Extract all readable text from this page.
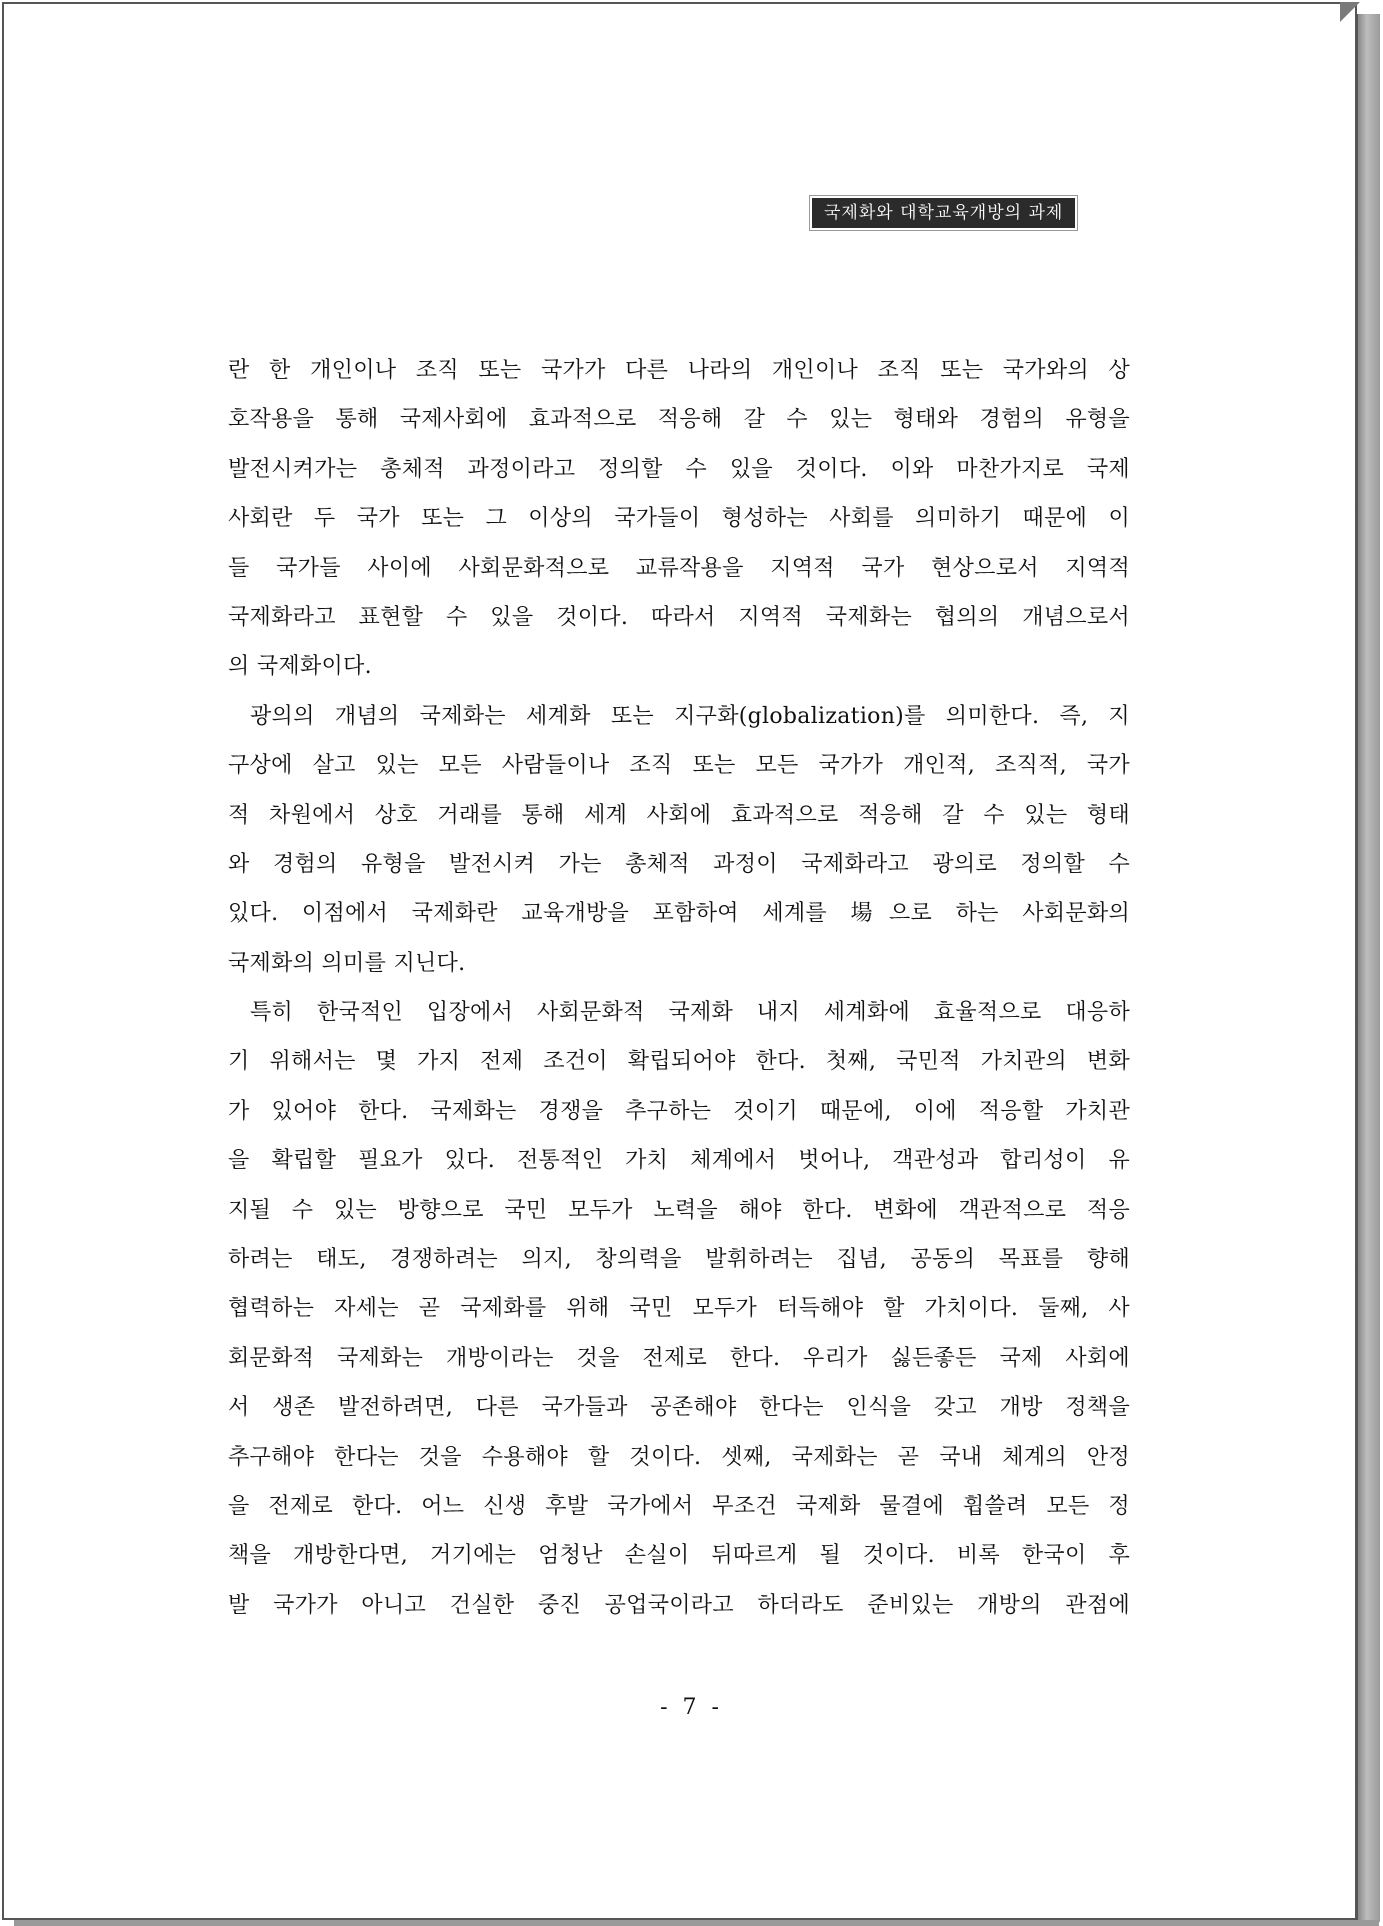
국제화와 대학교육개방의 과제
란 한 개인이나 조직 또는 국가가 다른 나라의 개인이나 조직 또는 국가와의 상
호작용을 통해 국제사회에 효과적으로 적응해 갈 수 있는 형태와 경험의 유형을
발전시켜가는 총체적 과정이라고 정의할 수 있을 것이다. 이와 마찬가지로 국제
사회란 두 국가 또는 그 이상의 국가들이 형성하는 사회를 의미하기 때문에 이
들 국가들 사이에 사회문화적으로 교류작용을 지역적 국가 현상으로서 지역적
국제화라고 표현할 수 있을 것이다. 따라서 지역적 국제화는 협의의 개념으로서
의 국제화이다.
광의의 개념의 국제화는 세계화 또는 지구화(globalization)를 의미한다. 즉, 지
구상에 살고 있는 모든 사람들이나 조직 또는 모든 국가가 개인적, 조직적, 국가
적 차원에서 상호 거래를 통해 세계 사회에 효과적으로 적응해 갈 수 있는 형태
와 경험의 유형을 발전시켜 가는 총체적 과정이 국제화라고 광의로 정의할 수
있다. 이점에서 국제화란 교육개방을 포함하여 세계를 場으로 하는 사회문화의
국제화의 의미를 지닌다.
특히 한국적인 입장에서 사회문화적 국제화 내지 세계화에 효율적으로 대응하
기 위해서는 몇 가지 전제 조건이 확립되어야 한다. 첫째, 국민적 가치관의 변화
가 있어야 한다. 국제화는 경쟁을 추구하는 것이기 때문에, 이에 적응할 가치관
을 확립할 필요가 있다. 전통적인 가치 체계에서 벗어나, 객관성과 합리성이 유
지될 수 있는 방향으로 국민 모두가 노력을 해야 한다. 변화에 객관적으로 적응
하려는 태도, 경쟁하려는 의지, 창의력을 발휘하려는 집념, 공동의 목표를 향해
협력하는 자세는 곧 국제화를 위해 국민 모두가 터득해야 할 가치이다. 둘째, 사
회문화적 국제화는 개방이라는 것을 전제로 한다. 우리가 싫든좋든 국제 사회에
서 생존 발전하려면, 다른 국가들과 공존해야 한다는 인식을 갖고 개방 정책을
추구해야 한다는 것을 수용해야 할 것이다. 셋째, 국제화는 곧 국내 체계의 안정
을 전제로 한다. 어느 신생 후발 국가에서 무조건 국제화 물결에 휩쓸려 모든 정
책을 개방한다면, 거기에는 엄청난 손실이 뒤따르게 될 것이다. 비록 한국이 후
발 국가가 아니고 건실한 중진 공업국이라고 하더라도 준비있는 개방의 관점에
- 7 -
